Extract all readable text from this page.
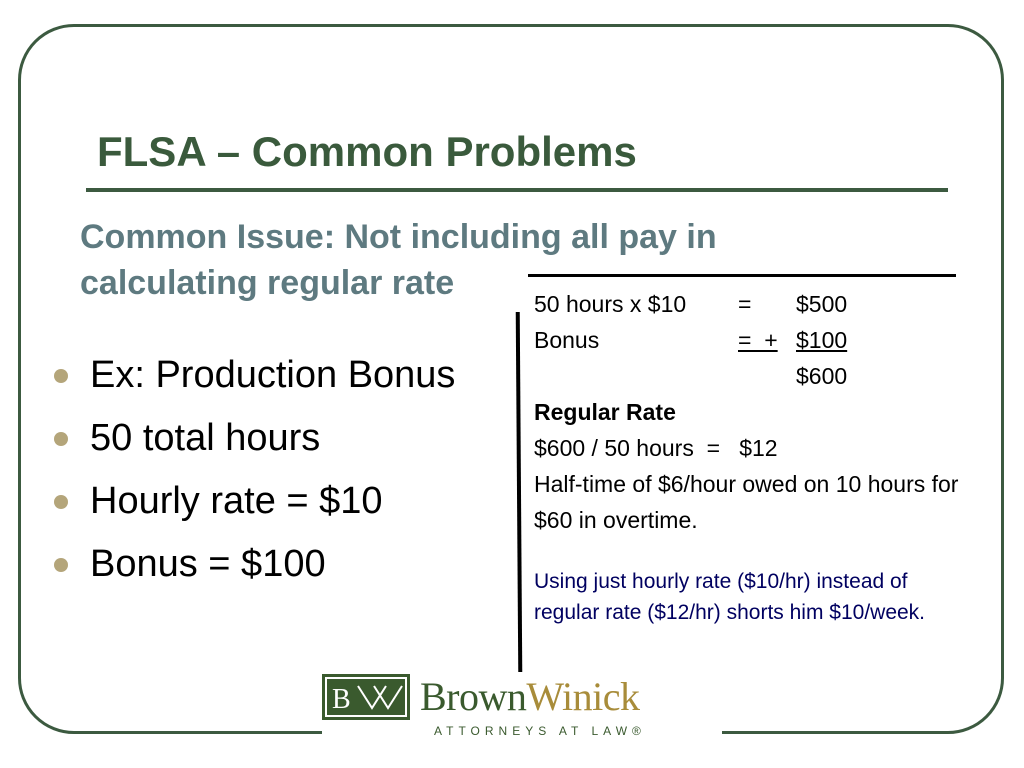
FLSA – Common Problems
Common Issue: Not including all pay in calculating regular rate
Ex: Production Bonus
50 total hours
Hourly rate = $10
Bonus = $100
50 hours x $10 = $500
Bonus	=  + $100
$600
Regular Rate
$600 / 50 hours  =   $12
Half-time of $6/hour owed on 10 hours for $60 in overtime.
Using just hourly rate ($10/hr) instead of regular rate ($12/hr) shorts him $10/week.
B BrownWinick
ATTORNEYS AT LAW®
